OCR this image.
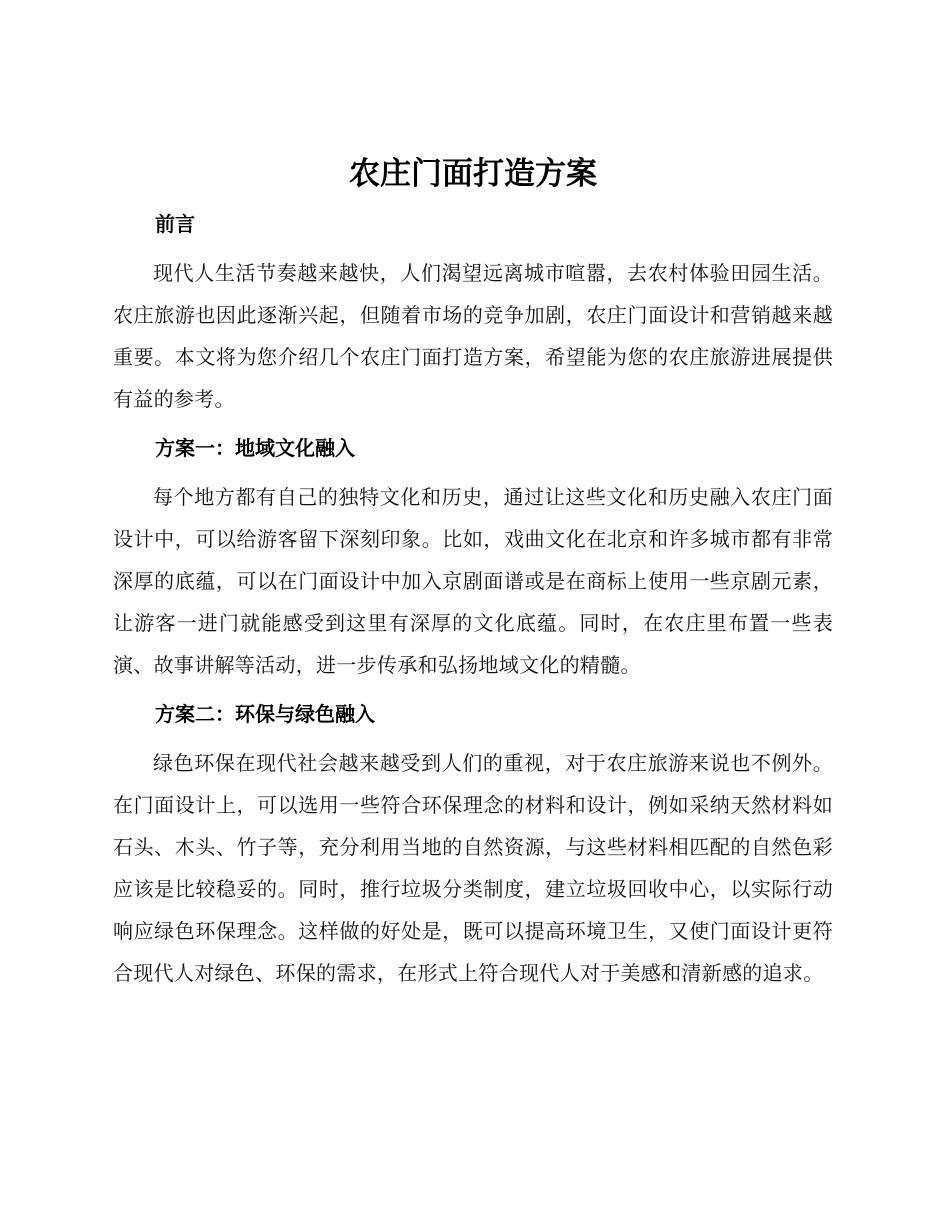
农庄门面打造方案
前言

现代人生活节奏越来越快，人们渴望远离城市喧嚣，去农村体验田园生活。农庄旅游也因此逐渐兴起，但随着市场的竞争加剧，农庄门面设计和营销越来越重要。本文将为您介绍几个农庄门面打造方案，希望能为您的农庄旅游进展提供有益的参考。

方案一：地域文化融入

每个地方都有自己的独特文化和历史，通过让这些文化和历史融入农庄门面设计中，可以给游客留下深刻印象。比如，戏曲文化在北京和许多城市都有非常深厚的底蕴，可以在门面设计中加入京剧面谱或是在商标上使用一些京剧元素，让游客一进门就能感受到这里有深厚的文化底蕴。同时，在农庄里布置一些表演、故事讲解等活动，进一步传承和弘扬地域文化的精髓。

方案二：环保与绿色融入

绿色环保在现代社会越来越受到人们的重视，对于农庄旅游来说也不例外。在门面设计上，可以选用一些符合环保理念的材料和设计，例如采纳天然材料如石头、木头、竹子等，充分利用当地的自然资源，与这些材料相匹配的自然色彩应该是比较稳妥的。同时，推行垃圾分类制度，建立垃圾回收中心，以实际行动响应绿色环保理念。这样做的好处是，既可以提高环境卫生，又使门面设计更符合现代人对绿色、环保的需求，在形式上符合现代人对于美感和清新感的追求。
